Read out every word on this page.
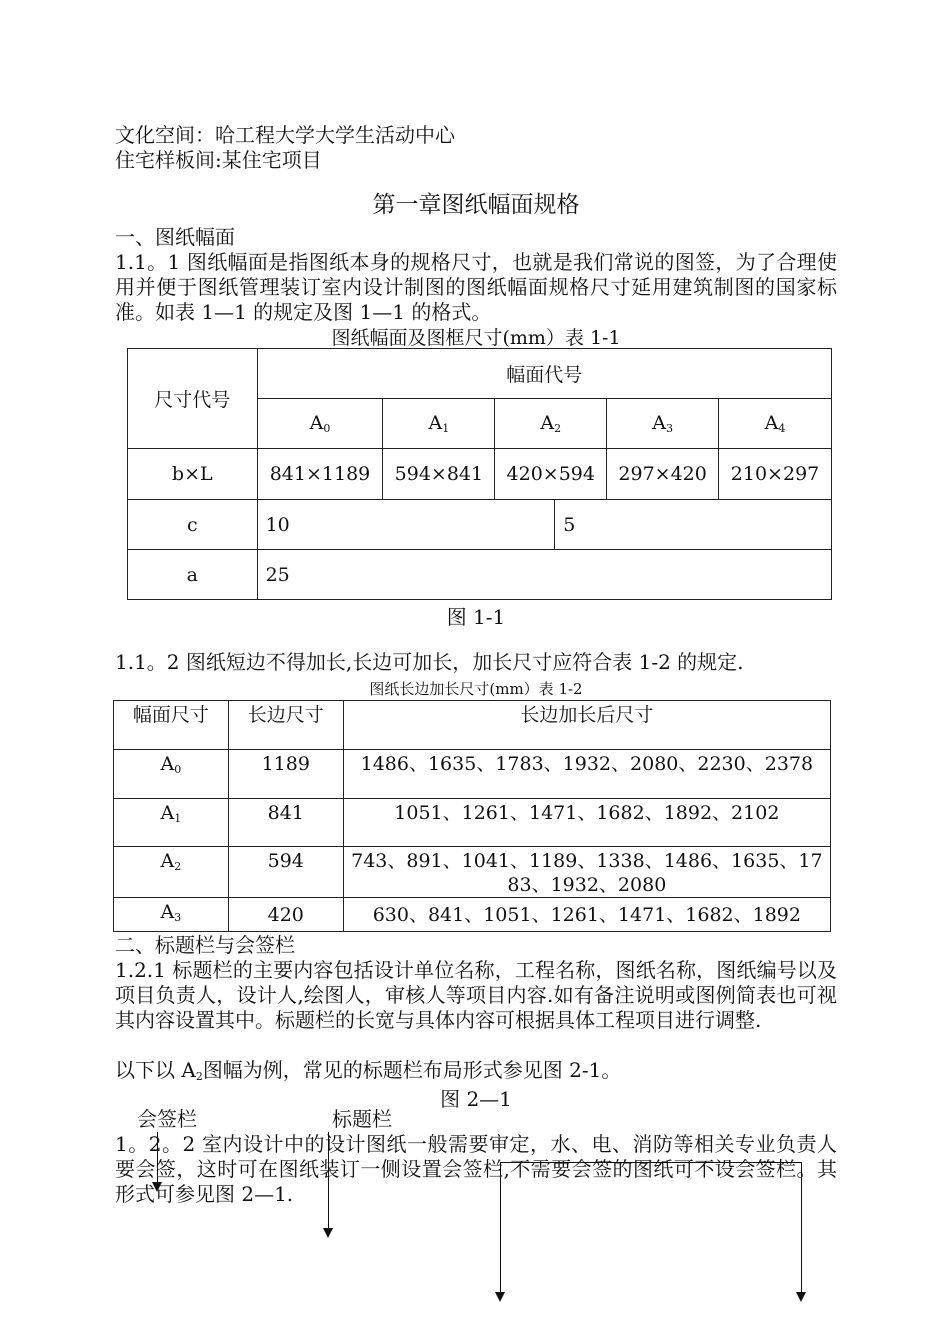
文化空间：哈工程大学大学生活动中心
住宅样板间:某住宅项目
第一章图纸幅面规格
一、图纸幅面
1.1。1 图纸幅面是指图纸本身的规格尺寸，也就是我们常说的图签，为了合理使用并便于图纸管理装订室内设计制图的图纸幅面规格尺寸延用建筑制图的国家标准。如表 1—1 的规定及图 1—1 的格式。
图纸幅面及图框尺寸(mm）表 1-1
尺寸代号	幅面代号					
	$A_0$	$A_1$	$A_2$		$A_3$	$A_4$
b×L	841×1189	594×841	420×594		297×420	210×297
c	10			5		
a	25					
图 1-1
1.1。2 图纸短边不得加长,长边可加长，加长尺寸应符合表 1-2 的规定.
图纸长边加长尺寸(mm）表 1-2
幅面尺寸	长边尺寸	长边加长后尺寸
$A_0$	1189	1486、1635、1783、1932、2080、2230、2378
$A_1$	841	1051、1261、1471、1682、1892、2102
$A_2$	594	743、891、1041、1189、1338、1486、1635、1783、1932、2080
$A_3$	420	630、841、1051、1261、1471、1682、1892
二、标题栏与会签栏
1.2.1 标题栏的主要内容包括设计单位名称，工程名称，图纸名称，图纸编号以及项目负责人，设计人,绘图人，审核人等项目内容.如有备注说明或图例简表也可视其内容设置其中。标题栏的长宽与具体内容可根据具体工程项目进行调整.
以下以 $A_2$图幅为例，常见的标题栏布局形式参见图 2-1。
图 2—1
会签栏	标题栏
1。2。2 室内设计中的设计图纸一般需要审定，水、电、消防等相关专业负责人要会签，这时可在图纸装订一侧设置会签栏,不需要会签的图纸可不设会签栏。其形式可参见图 2—1.
